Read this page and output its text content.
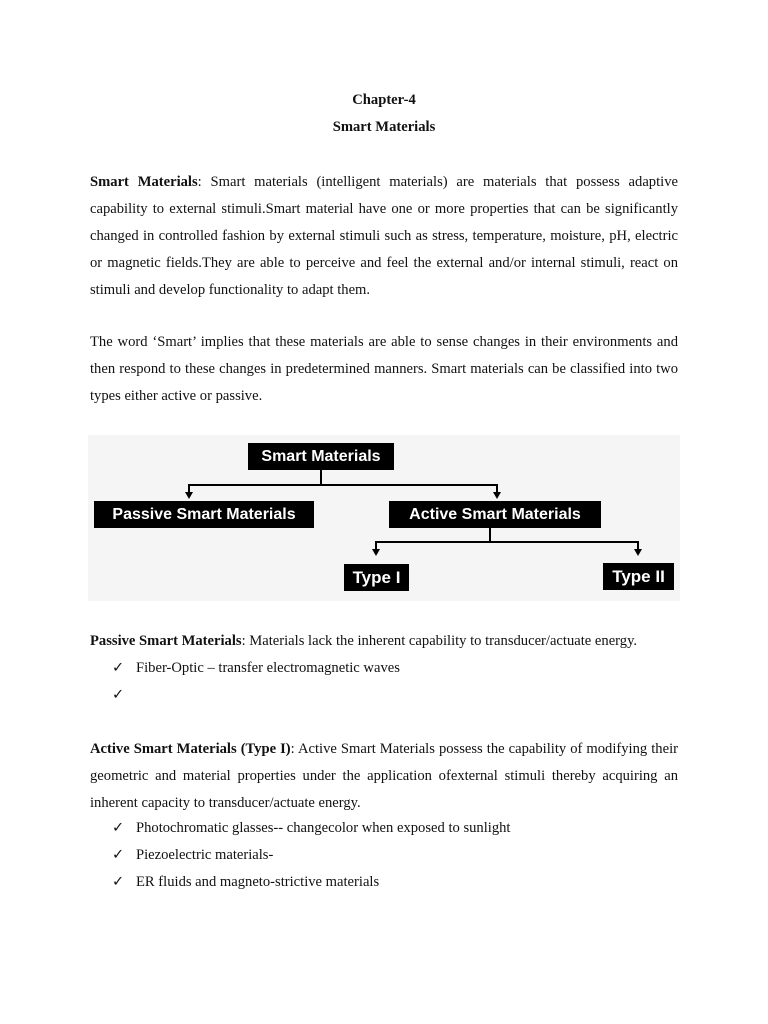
Chapter-4
Smart Materials

Smart Materials: Smart materials (intelligent materials) are materials that possess adaptive capability to external stimuli.Smart material have one or more properties that can be significantly changed in controlled fashion by external stimuli such as stress, temperature, moisture, pH, electric or magnetic fields.They are able to perceive and feel the external and/or internal stimuli, react on stimuli and develop functionality to adapt them.

The word ‘Smart’ implies that these materials are able to sense changes in their environments and then respond to these changes in predetermined manners. Smart materials can be classified into two types either active or passive.

Smart Materials
Passive Smart Materials	Active Smart Materials
Type I	Type II

Passive Smart Materials: Materials lack the inherent capability to transducer/actuate energy.

✓ Fiber-Optic – transfer electromagnetic waves
✓

Active Smart Materials (Type I): Active Smart Materials possess the capability of modifying their geometric and material properties under the application ofexternal stimuli thereby acquiring an inherent capacity to transducer/actuate energy.

✓ Photochromatic glasses-- changecolor when exposed to sunlight
✓ Piezoelectric materials-
✓ ER fluids and magneto-strictive materials
